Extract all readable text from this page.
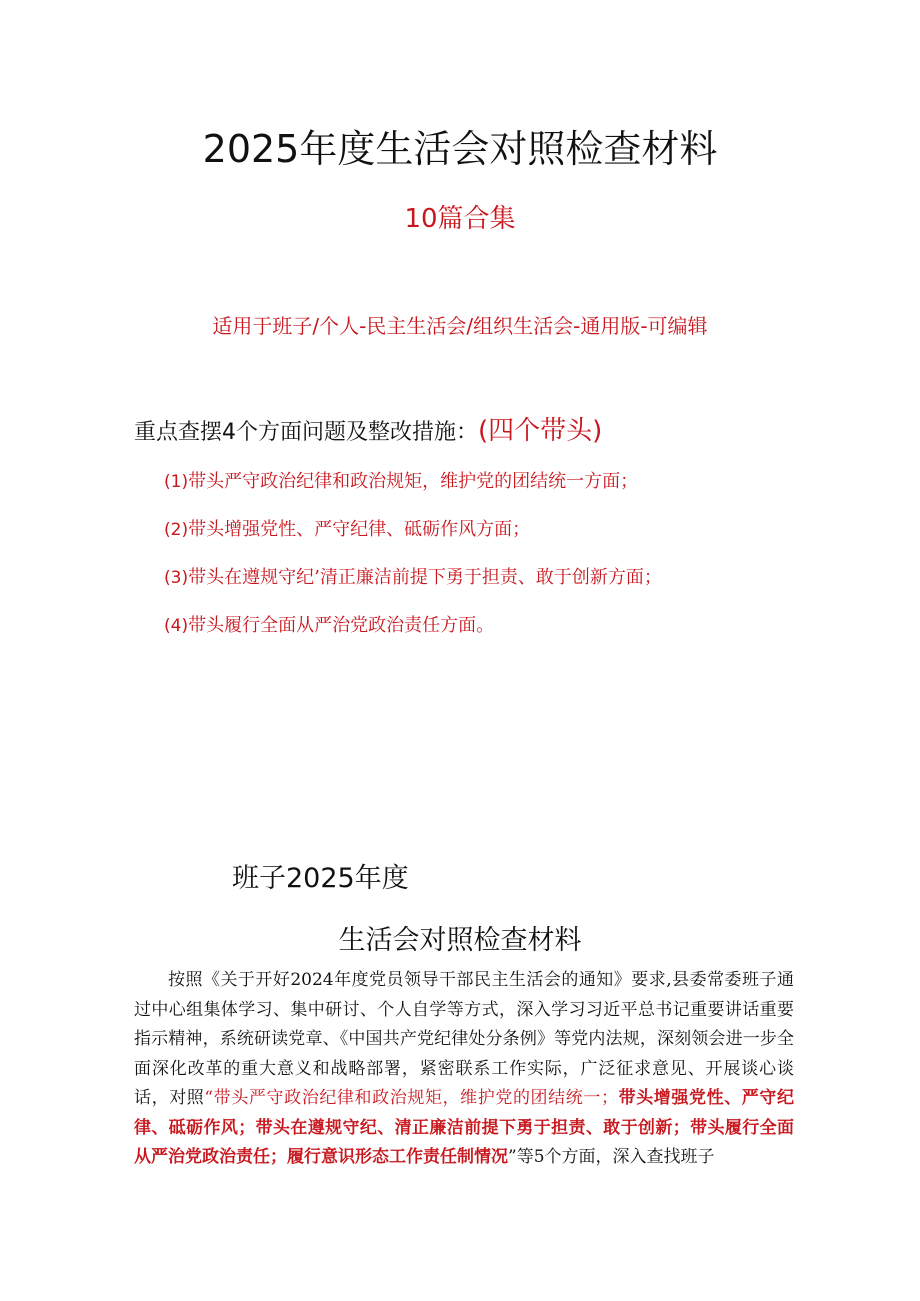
2025年度生活会对照检查材料
10篇合集
适用于班子/个人-民主生活会/组织生活会-通用版-可编辑
重点查摆4个方面问题及整改措施：(四个带头)
(1)带头严守政治纪律和政治规矩，维护党的团结统一方面；
(2)带头增强党性、严守纪律、砥砺作风方面；
(3)带头在遵规守纪’清正廉洁前提下勇于担责、敢于创新方面；
(4)带头履行全面从严治党政治责任方面。
班子2025年度
生活会对照检查材料

按照《关于开好2024年度党员领导干部民主生活会的通知》要求,县委常委班子通过中心组集体学习、集中研讨、个人自学等方式，深入学习习近平总书记重要讲话重要指示精神，系统研读党章、《中国共产党纪律处分条例》等党内法规，深刻领会进一步全面深化改革的重大意义和战略部署，紧密联系工作实际，广泛征求意见、开展谈心谈话，对照“带头严守政治纪律和政治规矩，维护党的团结统一；带头增强党性、严守纪律、砥砺作风；带头在遵规守纪、清正廉洁前提下勇于担责、敢于创新；带头履行全面从严治党政治责任；履行意识形态工作责任制情况”等5个方面，深入查找班子
